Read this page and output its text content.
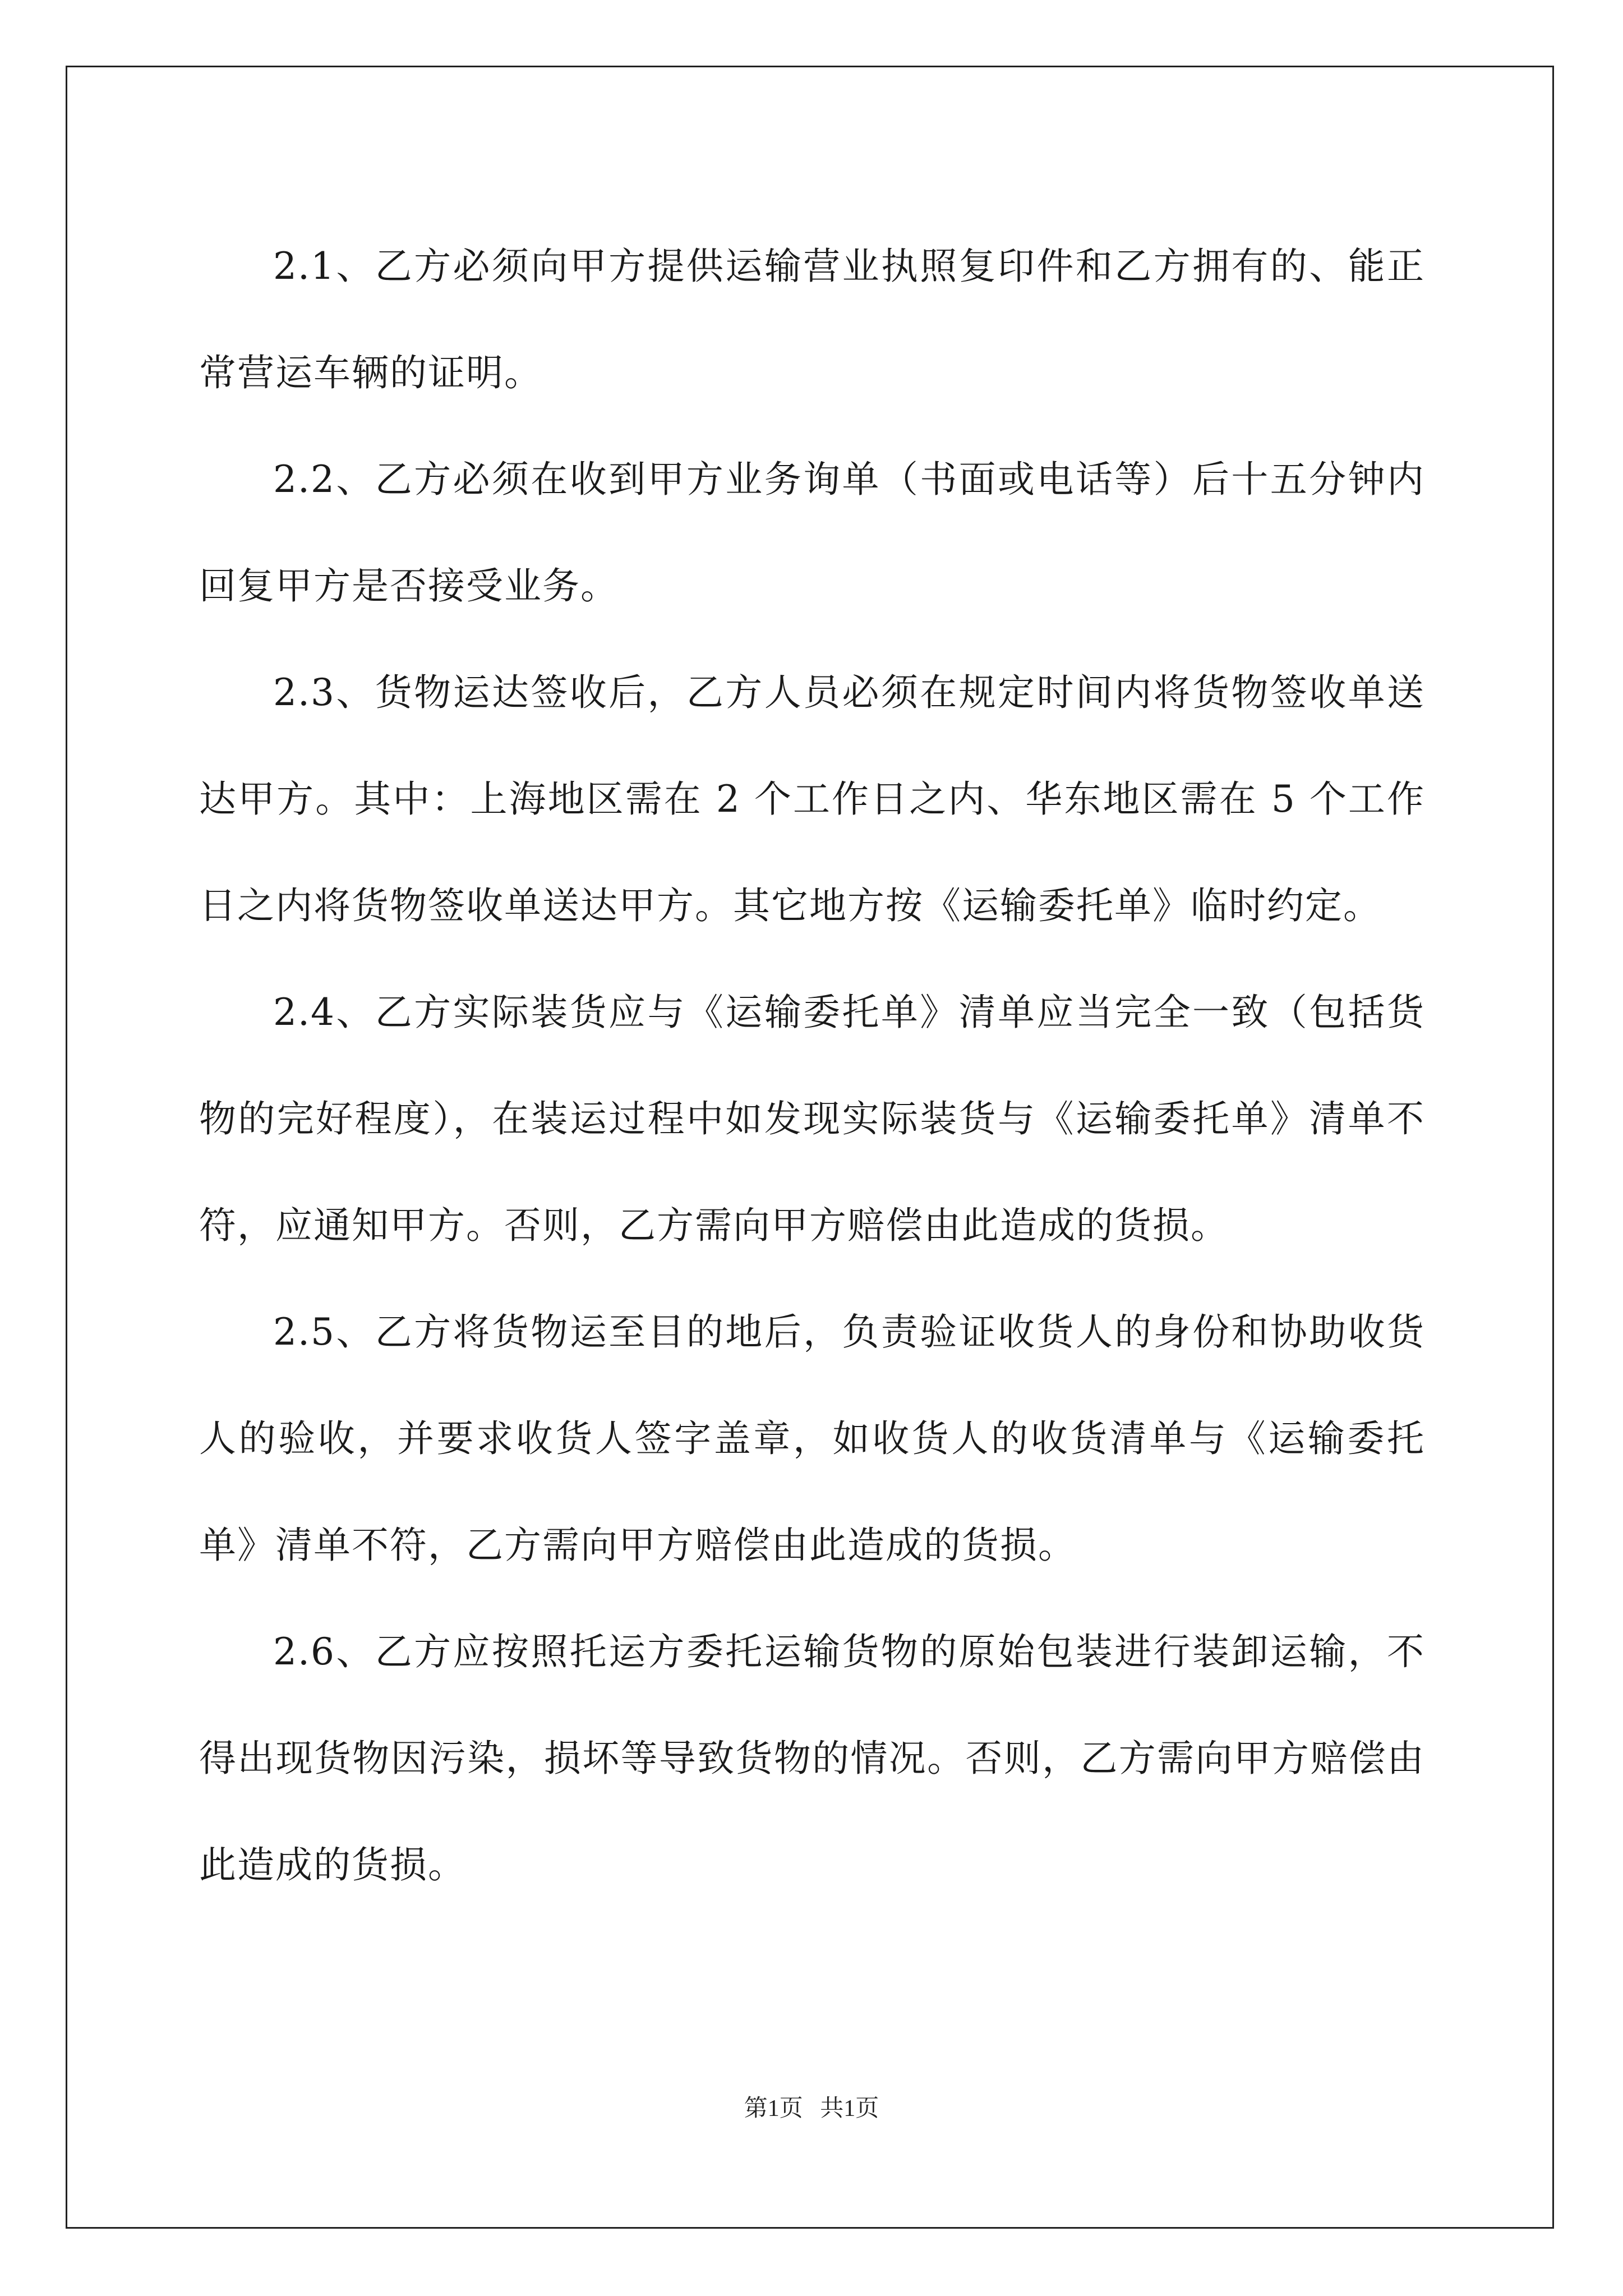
2.1、乙方必须向甲方提供运输营业执照复印件和乙方拥有的、能正常营运车辆的证明。

2.2、乙方必须在收到甲方业务询单（书面或电话等）后十五分钟内回复甲方是否接受业务。

2.3、货物运达签收后，乙方人员必须在规定时间内将货物签收单送达甲方。其中：上海地区需在 2 个工作日之内、华东地区需在 5 个工作日之内将货物签收单送达甲方。其它地方按《运输委托单》临时约定。

2.4、乙方实际装货应与《运输委托单》清单应当完全一致（包括货物的完好程度），在装运过程中如发现实际装货与《运输委托单》清单不符，应通知甲方。否则，乙方需向甲方赔偿由此造成的货损。

2.5、乙方将货物运至目的地后，负责验证收货人的身份和协助收货人的验收，并要求收货人签字盖章，如收货人的收货清单与《运输委托单》清单不符，乙方需向甲方赔偿由此造成的货损。

2.6、乙方应按照托运方委托运输货物的原始包装进行装卸运输，不得出现货物因污染，损坏等导致货物的情况。否则，乙方需向甲方赔偿由此造成的货损。

第1页 共1页
